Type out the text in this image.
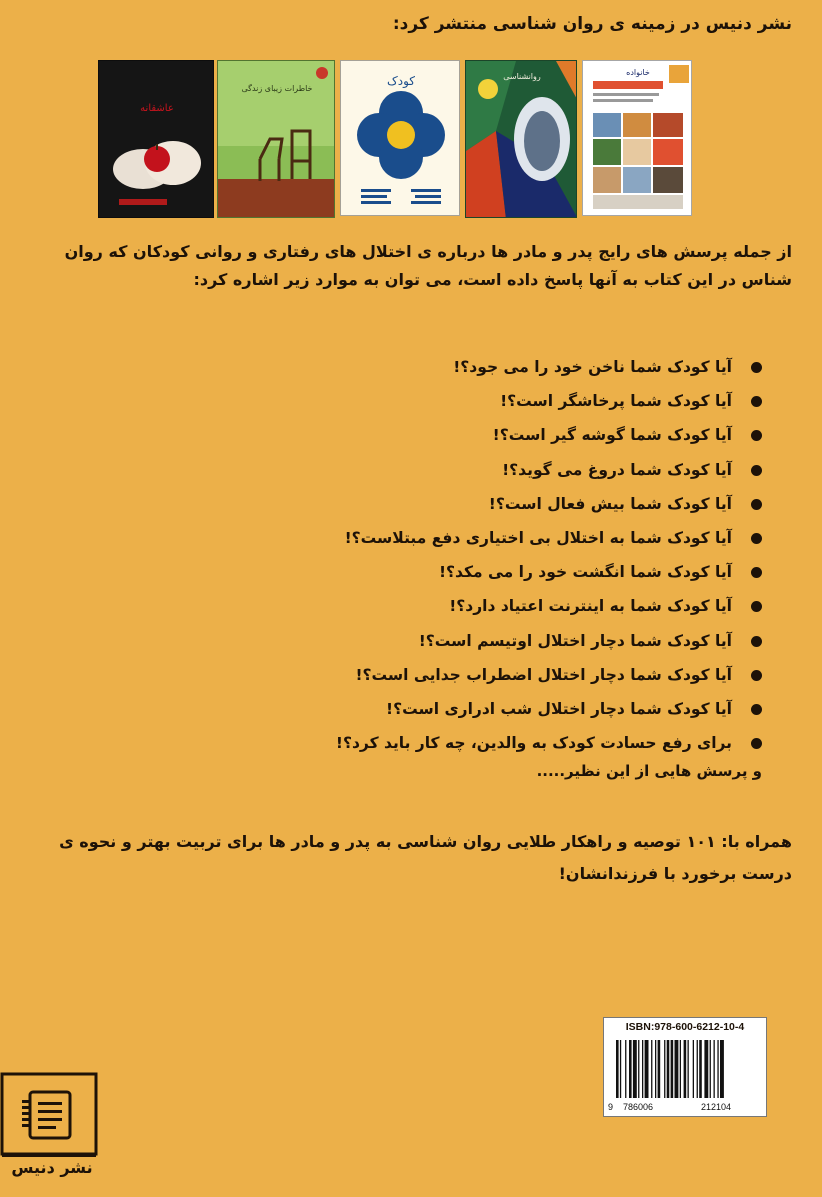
نشر دنیس در زمینه ی روان شناسی منتشر کرد:
عاشقانه
خاطرات زیبای زندگی
کودک	روانشناسی	خانواده
از جمله پرسش های رایج پدر و مادر ها درباره ی اختلال های رفتاری و روانی کودکان که روان شناس در این کتاب به آنها پاسخ داده است، می توان به موارد زیر اشاره کرد:
آیا کودک شما ناخن خود را می جود؟!
آیا کودک شما پرخاشگر است؟!
آیا کودک شما گوشه گیر است؟!
آیا کودک شما دروغ می گوید؟!
آیا کودک شما بیش فعال است؟!
آیا کودک شما به اختلال بی اختیاری دفع مبتلاست؟!
آیا کودک شما انگشت خود را می مکد؟!
آیا کودک شما به اینترنت اعتیاد دارد؟!
آیا کودک شما دچار اختلال اوتیسم است؟!
آیا کودک شما دچار اختلال اضطراب جدایی است؟!
آیا کودک شما دچار اختلال شب ادراری است؟!
برای رفع حسادت کودک به والدین، چه کار باید کرد؟!
و پرسش هایی از این نظیر.....
همراه با: ۱۰۱ توصیه و راهکار طلایی روان شناسی به پدر و مادر ها برای تربیت بهتر و نحوه ی درست برخورد با فرزندانشان!
نشر دنیس
ISBN:978-600-6212-10-4
9 786006	212104
